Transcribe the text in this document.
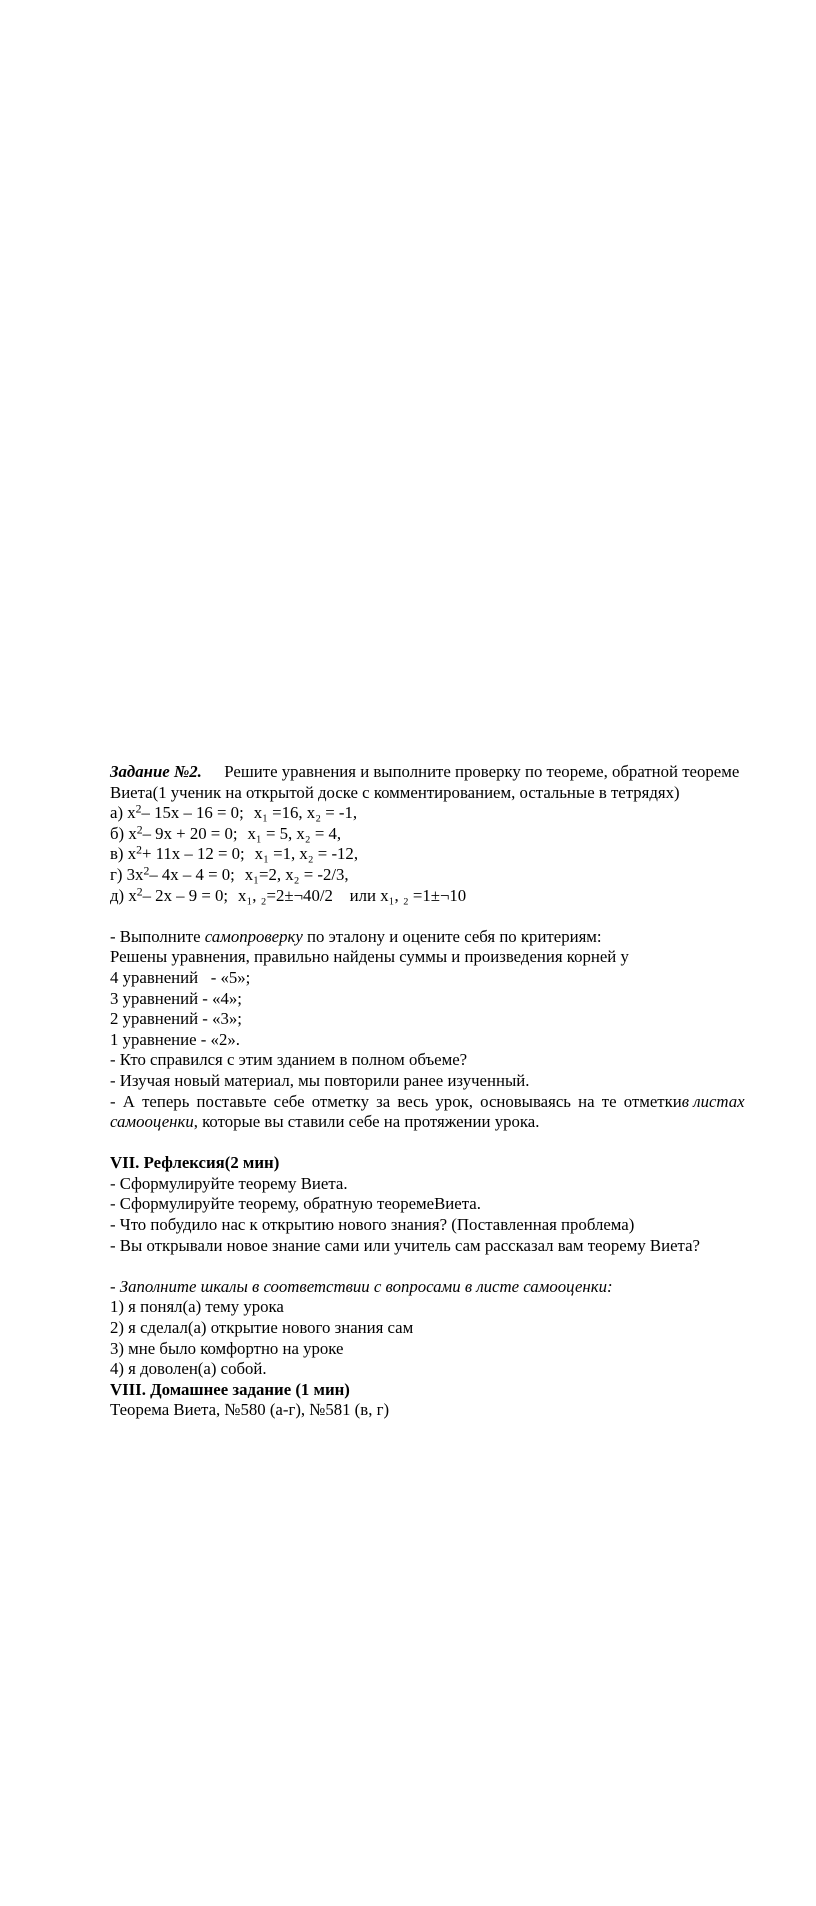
Задание №2. Решите уравнения и выполните проверку по теореме, обратной теореме
Виета(1 ученик на открытой доске с комментированием, остальные в тетрядях)
а) $х^2-$ 15х – 16 = 0; х₁ =16, х₂ = -1,
б) $х^2-$ 9х + 20 = 0; х₁ = 5, х₂ = 4,
в) $х^2+ 11х - 12 = 0$; х₁ =1, х₂ = -12,
г) $3х^2-$ 4х – 4 = 0; х₁=2, х₂ = -2/3,
д) $х^2-$ 2х – 9 = 0; х₁, ₂=2±¬40/2    или х₁, ₂ =1±¬10
- Выполните самопроверку по эталону и оцените себя по критериям:
Решены уравнения, правильно найдены суммы и произведения корней у
4 уравнений   - «5»;
3 уравнений - «4»;
2 уравнений - «3»;
1 уравнение - «2».
- Кто справился с этим зданием в полном объеме?
- Изучая новый материал, мы повторили ранее изученный.
- А теперь поставьте себе отметку за весь урок, основываясь на те отметкив листах
самооценки, которые вы ставили себе на протяжении урока.
VII. Рефлексия(2 мин)
- Сформулируйте теорему Виета.
- Сформулируйте теорему, обратную теоремеВиета.
- Что побудило нас к открытию нового знания? (Поставленная проблема)
- Вы открывали новое знание сами или учитель сам рассказал вам теорему Виета?
- Заполните шкалы в соответствии с вопросами в листе самооценки:
1) я понял(а) тему урока
2) я сделал(а) открытие нового знания сам
3) мне было комфортно на уроке
4) я доволен(а) собой.
VIII. Домашнее задание (1 мин)
Теорема Виета, №580 (а-г), №581 (в, г)
